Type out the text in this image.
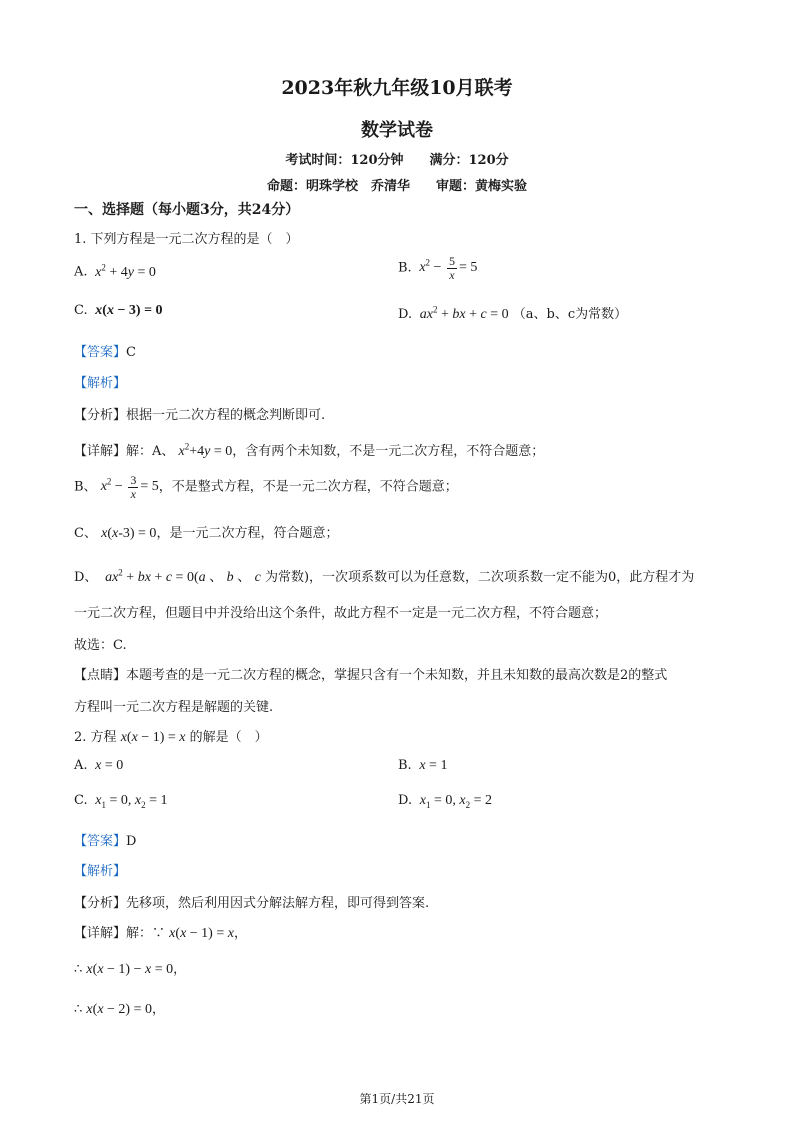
2023年秋九年级10月联考
数学试卷
考试时间：120分钟　　满分：120分
命题：明珠学校　乔清华　　审题：黄梅实验
一、选择题（每小题3分，共24分）
1. 下列方程是一元二次方程的是（　）
A.  $x^2 + 4y = 0$	B.  $x^2 - \frac{5}{x} = 5$
C.  x(x − 3) = 0	D.  $ax^2$ + bx + c = 0 （a、b、c为常数）
【答案】C
【解析】
【分析】根据一元二次方程的概念判断即可.
【详解】解：A、 $x^2+4y = 0$，含有两个未知数，不是一元二次方程，不符合题意；
B、 $x^2 - \frac{3}{x} = 5$，不是整式方程，不是一元二次方程，不符合题意；
C、 x(x-3) = 0，是一元二次方程，符合题意；
D、  $ax^2$ + bx + c = 0(a 、 b 、 c 为常数)，一次项系数可以为任意数，二次项系数一定不能为0，此方程才为
一元二次方程，但题目中并没给出这个条件，故此方程不一定是一元二次方程，不符合题意；
故选：C.
【点睛】本题考查的是一元二次方程的概念，掌握只含有一个未知数，并且未知数的最高次数是2的整式
方程叫一元二次方程是解题的关键.
2. 方程 x(x − 1) = x 的解是（　）
A.  x = 0	B.  x = 1
C.  $x_1 = 0$, $x_2 = 1$	D.  $x_1 = 0$, $x_2 = 2$
【答案】D
【解析】
【分析】先移项，然后利用因式分解法解方程，即可得到答案.
【详解】解：∵ x(x − 1) = x，
∴ x(x − 1) − x = 0，
∴ x(x − 2) = 0，
第1页/共21页
